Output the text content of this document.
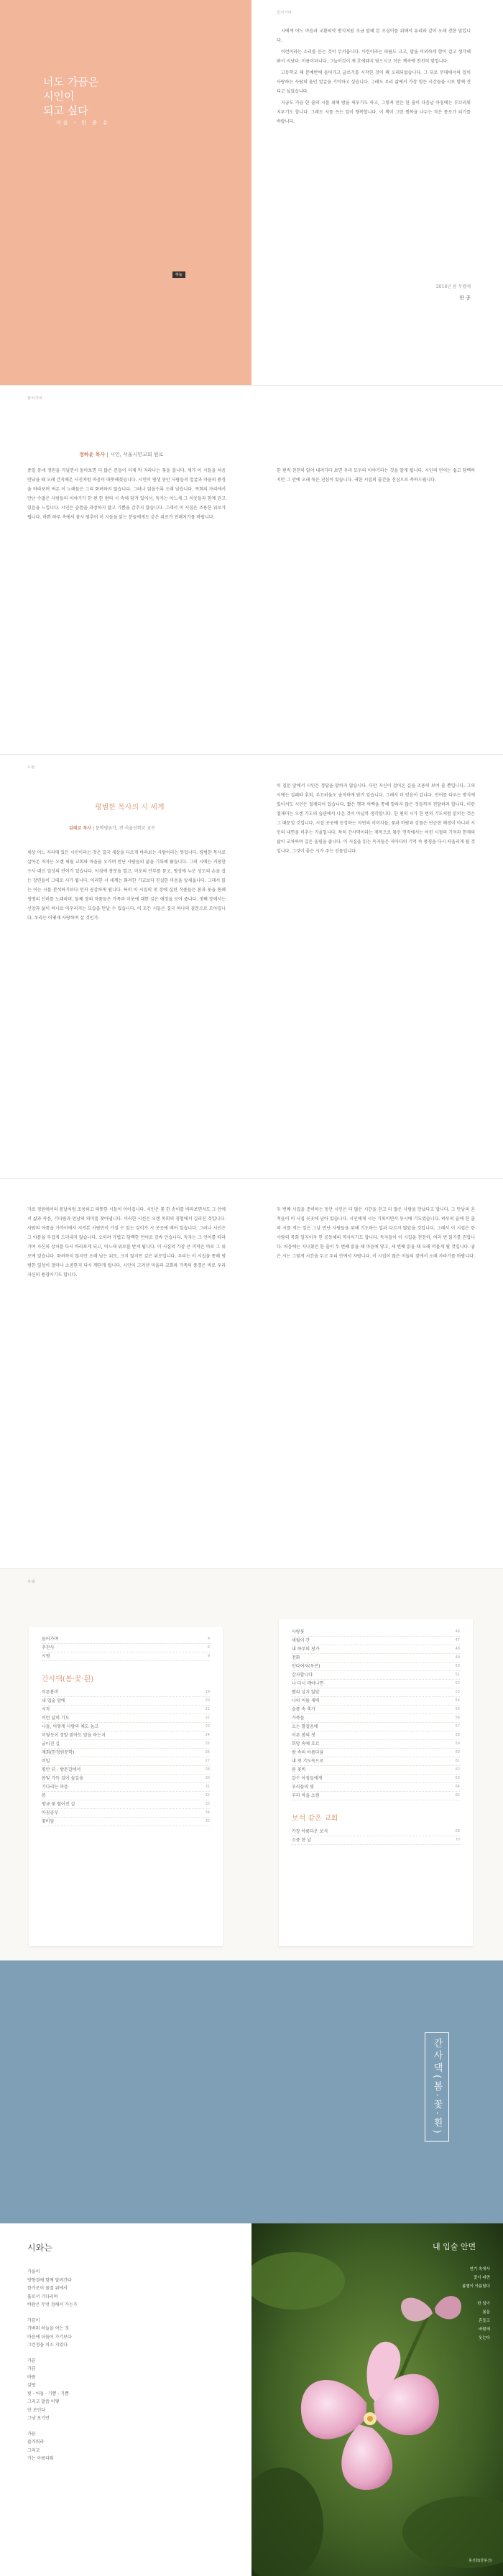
너도 가끔은
시인이
되고 싶다
지음 · 한 종 유
하늘
들어가며

시에게 어느 마음과 교환의약 방식처럼 조금 말해 본 조심이를 위해서 유리와 같이 오래 전한 말입니다.

이런이라는 소리를 듣는 것이 무서웁니다. 이런이라는 따름도 크고, 말을 이외하게 함이 걸고 생각해 봐서 지났다. 이름이더니다. 그늘이것이 제 호에때지 담으시고 작은 책속에 천천히 밭입니다.

고등학교 때 문예반에 들어가고 글쓰기를 시작한 것이 꽤 오래되었습니다. 그 뒤로 무대에서의 일이 사랑하는 사람의 울던 얼굴을 기억하고 싶습니다. 그래도 우리 삶에서 가장 힘든 시간들을 시로 함께 견디고 싶었습니다.

지금도 가끔 한 줄의 시를 위해 밤을 새우기도 하고, 그렇게 얻은 한 줄이 다음날 아침에는 부끄러워 지우기도 합니다. 그래도 시를 쓰는 일이 행복합니다. 이 책이 그런 행복을 나누는 작은 통로가 되기를 바랍니다.

2018년 봄 무렵에
한 종
들어가며
정하윤 목사 | 시인, 서울시민교회 원로
종일 동네 정원을 거닐면서 돌아보면 더 많은 분들이 이제 막 자라나는 꽃을 봅니다. 제가 이 시들을 처음 만났을 때 오래 간직해온 사진처럼 마음이 따뜻해졌습니다. 시인이 평생 동안 사람들의 얼굴과 마을의 풍경을 바라보며 써온 이 노래들은 그리 화려하지 않습니다. 그러나 읽을수록 오래 남습니다. 목회의 자리에서 만난 수많은 사람들의 이야기가 한 편 한 편의 시 속에 담겨 있어서, 독자는 어느새 그 이웃들과 함께 걷고 있음을 느낍니다. 시인은 슬픔을 과장하지 않고 기쁨을 감추지 않습니다. 그래서 이 시집은 조용한 위로가 됩니다. 바쁜 하루 속에서 잠시 멈추어 이 시들을 읽는 분들에게도 같은 위로가 전해지기를 바랍니다.
한 편씩 천천히 읽어 내려가다 보면 우리 모두의 이야기라는 것을 알게 됩니다. 시인의 언어는 쉽고 담백하지만 그 안에 오래 묵은 진심이 있습니다. 귀한 시집의 출간을 진심으로 축하드립니다.
시평
평범한 목사의 시 세계
김태교 목사 | 문학평론가, 전 서울신학교 교수
세상 어느 자리에 있든 시인이라는 것은 결국 세상을 다르게 바라보는 사람이라는 뜻입니다. 평범한 목사로 살아온 저자는 오랜 세월 교회와 마을을 오가며 만난 사람들의 삶을 기록해 왔습니다. 그의 시에는 거창한 수사 대신 일상의 언어가 있습니다. 아침에 창문을 열고, 이웃의 안부를 묻고, 병상에 누운 성도의 손을 잡는 장면들이 그대로 시가 됩니다. 이러한 시 세계는 화려한 기교보다 진실한 마음을 앞세웁니다. 그래서 읽는 이는 시를 분석하기보다 먼저 공감하게 됩니다. 특히 이 시집의 첫 장에 실린 작품들은 봄과 꽃을 통해 생명의 신비를 노래하며, 둘째 장의 작품들은 가족과 이웃에 대한 깊은 애정을 보여 줍니다. 셋째 장에서는 신앙과 삶이 하나로 어우러지는 모습을 만날 수 있습니다. 이 모든 시들은 결국 하나의 질문으로 모아집니다. 우리는 어떻게 사랑하며 살 것인가.
이 질문 앞에서 시인은 정답을 말하지 않습니다. 다만 자신이 걸어온 길을 조용히 보여 줄 뿐입니다. 그의 시에는 실패와 후회, 부끄러움도 솔직하게 담겨 있습니다. 그래서 더 믿음이 갑니다. 언어를 다루는 방식에 있어서도 시인은 절제되어 있습니다. 짧은 행과 여백을 통해 말하지 않은 것들까지 전달하려 합니다. 이런 절제미는 오랜 기도의 습관에서 나온 것이 아닐까 생각합니다. 한 편의 시가 한 번의 기도처럼 읽히는 것은 그 때문일 것입니다. 시집 곳곳에 등장하는 자연의 이미지들, 꽃과 바람과 강물은 단순한 배경이 아니라 시인의 내면을 비추는 거울입니다. 특히 간사댁이라는 제목으로 묶인 연작에서는 어린 시절의 기억과 현재의 삶이 교차하며 깊은 울림을 줍니다. 이 시집을 읽는 독자들은 저마다의 기억 속 풍경을 다시 떠올리게 될 것입니다. 그것이 좋은 시가 주는 선물입니다.
가로 정원에서의 봄날처럼 조용하고 따뜻한 시들이 이어집니다. 시인은 꽃 한 송이를 바라보면서도 그 안에서 삶과 죽음, 기다림과 만남의 의미를 찾아냅니다. 이러한 시선은 오랜 목회의 경험에서 길러진 것입니다. 사람의 아픔을 가까이에서 지켜본 사람만이 가질 수 있는 깊이가 시 곳곳에 배어 있습니다. 그러나 시인은 그 아픔을 무겁게 드러내지 않습니다. 오히려 가볍고 담백한 언어로 감싸 안습니다. 독자는 그 언어를 따라가며 자신의 상처를 다시 바라보게 되고, 어느새 위로를 받게 됩니다. 이 시집의 가장 큰 미덕은 바로 그 위로에 있습니다. 화려하지 않지만 오래 남는 위로, 크지 않지만 깊은 위로입니다. 우리는 이 시집을 통해 평범한 일상이 얼마나 소중한지 다시 깨닫게 됩니다. 시인이 그려낸 마을과 교회와 가족의 풍경은 바로 우리 자신의 풍경이기도 합니다.
두 번째 시집을 준비하는 동안 시인은 더 많은 시간을 걷고 더 많은 사람을 만났다고 합니다. 그 만남의 흔적들이 이 시집 곳곳에 남아 있습니다. 시인에게 시는 기록이면서 동시에 기도였습니다. 하루의 끝에 한 줄의 시를 적는 일은 그날 만난 사람들을 위해 기도하는 일과 다르지 않았을 것입니다. 그래서 이 시집은 한 사람의 목회 일지이자 한 공동체의 역사이기도 합니다. 독자들이 이 시집을 천천히, 여러 번 읽기를 권합니다. 처음에는 지나쳤던 한 줄이 두 번째 읽을 때 마음에 닿고, 세 번째 읽을 때 오래 머물게 될 것입니다. 좋은 시는 그렇게 시간을 두고 우리 안에서 자랍니다. 이 시집이 많은 이들의 곁에서 오래 자라기를 바랍니다.
차례
들어가며	4
추천사	6
시평	9
간사댁(봄·꽃·흰)
이른봄비	19
내 입술 앞에	20
시작	21
이런 날의 기도	22
나들, 이렇게 사랑의 채도 높고	23
이렇듯이 정말 맑아도 말을 하는지	24
굽이진 길	25
재회(한정원문학)	26
비밀	27
평안 뒤 - 방문길에서	28
봄빛 가득 걸어 숲길을	30
기다리는 마음	31
봄	32
방금 꽃 떨어진 길	33
아침공부	34
꽃비앞	35
사랑꽃	46
세월이 간	47
내 하루의 창가	48
전화	49
안다여자(독쓴)	50
감사합니다	51
나 다시 깨어나면	52
빨리 살지 않았	53
나의 이름 새벽	54
슬픔 속 축가	55
가족들	56
오는 발걸음에	57
이른 봄의 첫	58
희망 속에 흐르	59
밤 속의 아름다움	60
내 첫 기도속으로	61
봄 꽃비	62
갈수 아침들에게	63
우리들의 빛	64
우리 마을 소원	65
보석 같은 교회
가장 아름다운 보석	68
소중 한 날	70
간사댁(봄·꽃·흰)
시와는
가을이
방향결에 함께 달려간다
한가로이 물결 위에서
홀로서 기다리며
바람은 무엇 정해서 가는가
가끔이
가벼워 하늘을 여는 것
마음에 더듬어 가기보다
그런정을 미소 지었다
가끔
가끔
바람
살랑
빛 · 어둠 · 기쁨 · 기쁨
그리고 말씀 어떻
안 보인다
그냥 보기만
가끔
즐거워라
그리고
가는 아름다워
내 입술 안면
연기 속에서
꽃이 피면
봄볕이 아름답다
한 잎이
봄을
흔들고
바람에
웃는다
봉선화(물봉선)
